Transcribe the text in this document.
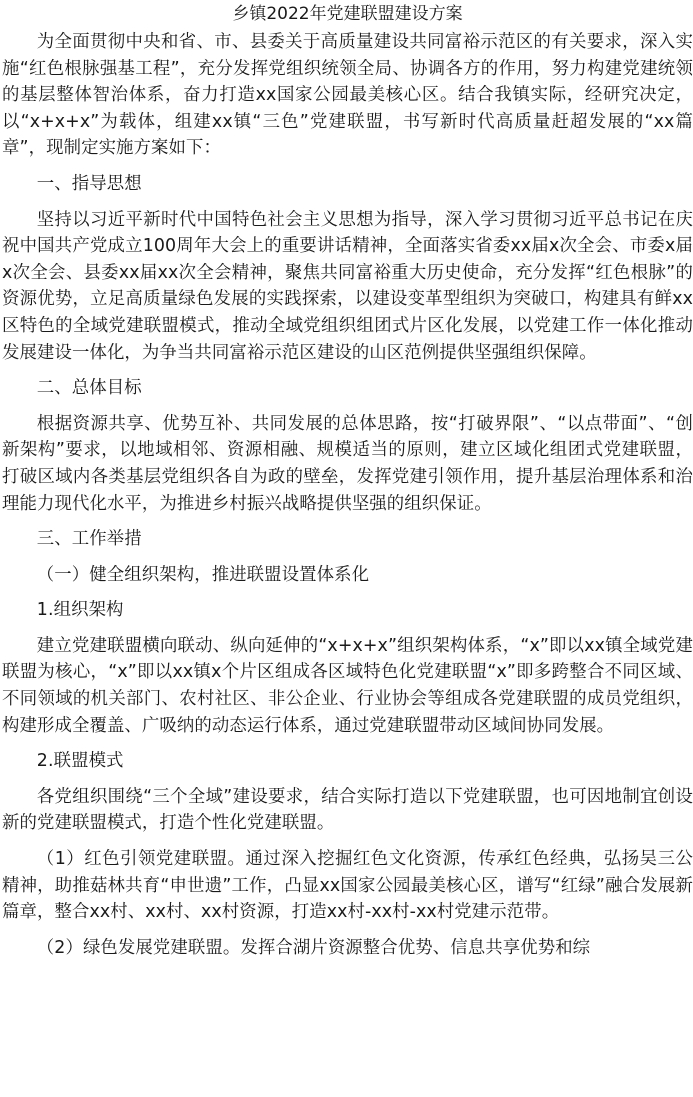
乡镇2022年党建联盟建设方案

为全面贯彻中央和省、市、县委关于高质量建设共同富裕示范区的有关要求，深入实施“红色根脉强基工程”，充分发挥党组织统领全局、协调各方的作用，努力构建党建统领的基层整体智治体系，奋力打造xx国家公园最美核心区。结合我镇实际，经研究决定，以“x+x+x”为载体，组建xx镇“三色”党建联盟，书写新时代高质量赶超发展的“xx篇章”，现制定实施方案如下：

一、指导思想

坚持以习近平新时代中国特色社会主义思想为指导，深入学习贯彻习近平总书记在庆祝中国共产党成立100周年大会上的重要讲话精神，全面落实省委xx届x次全会、市委x届x次全会、县委xx届xx次全会精神，聚焦共同富裕重大历史使命，充分发挥“红色根脉”的资源优势，立足高质量绿色发展的实践探索，以建设变革型组织为突破口，构建具有鲜xx区特色的全域党建联盟模式，推动全域党组织组团式片区化发展，以党建工作一体化推动发展建设一体化，为争当共同富裕示范区建设的山区范例提供坚强组织保障。

二、总体目标

根据资源共享、优势互补、共同发展的总体思路，按“打破界限”、“以点带面”、“创新架构”要求，以地域相邻、资源相融、规模适当的原则，建立区域化组团式党建联盟，打破区域内各类基层党组织各自为政的壁垒，发挥党建引领作用，提升基层治理体系和治理能力现代化水平，为推进乡村振兴战略提供坚强的组织保证。

三、工作举措

（一）健全组织架构，推进联盟设置体系化

1.组织架构

建立党建联盟横向联动、纵向延伸的“x+x+x”组织架构体系，“x”即以xx镇全域党建联盟为核心，“x”即以xx镇x个片区组成各区域特色化党建联盟“x”即多跨整合不同区域、不同领域的机关部门、农村社区、非公企业、行业协会等组成各党建联盟的成员党组织，构建形成全覆盖、广吸纳的动态运行体系，通过党建联盟带动区域间协同发展。

2.联盟模式

各党组织围绕“三个全域”建设要求，结合实际打造以下党建联盟，也可因地制宜创设新的党建联盟模式，打造个性化党建联盟。

（1）红色引领党建联盟。通过深入挖掘红色文化资源，传承红色经典，弘扬吴三公精神，助推菇林共育“申世遗”工作，凸显xx国家公园最美核心区，谱写“红绿”融合发展新篇章，整合xx村、xx村、xx村资源，打造xx村-xx村-xx村党建示范带。

（2）绿色发展党建联盟。发挥合湖片资源整合优势、信息共享优势和综
